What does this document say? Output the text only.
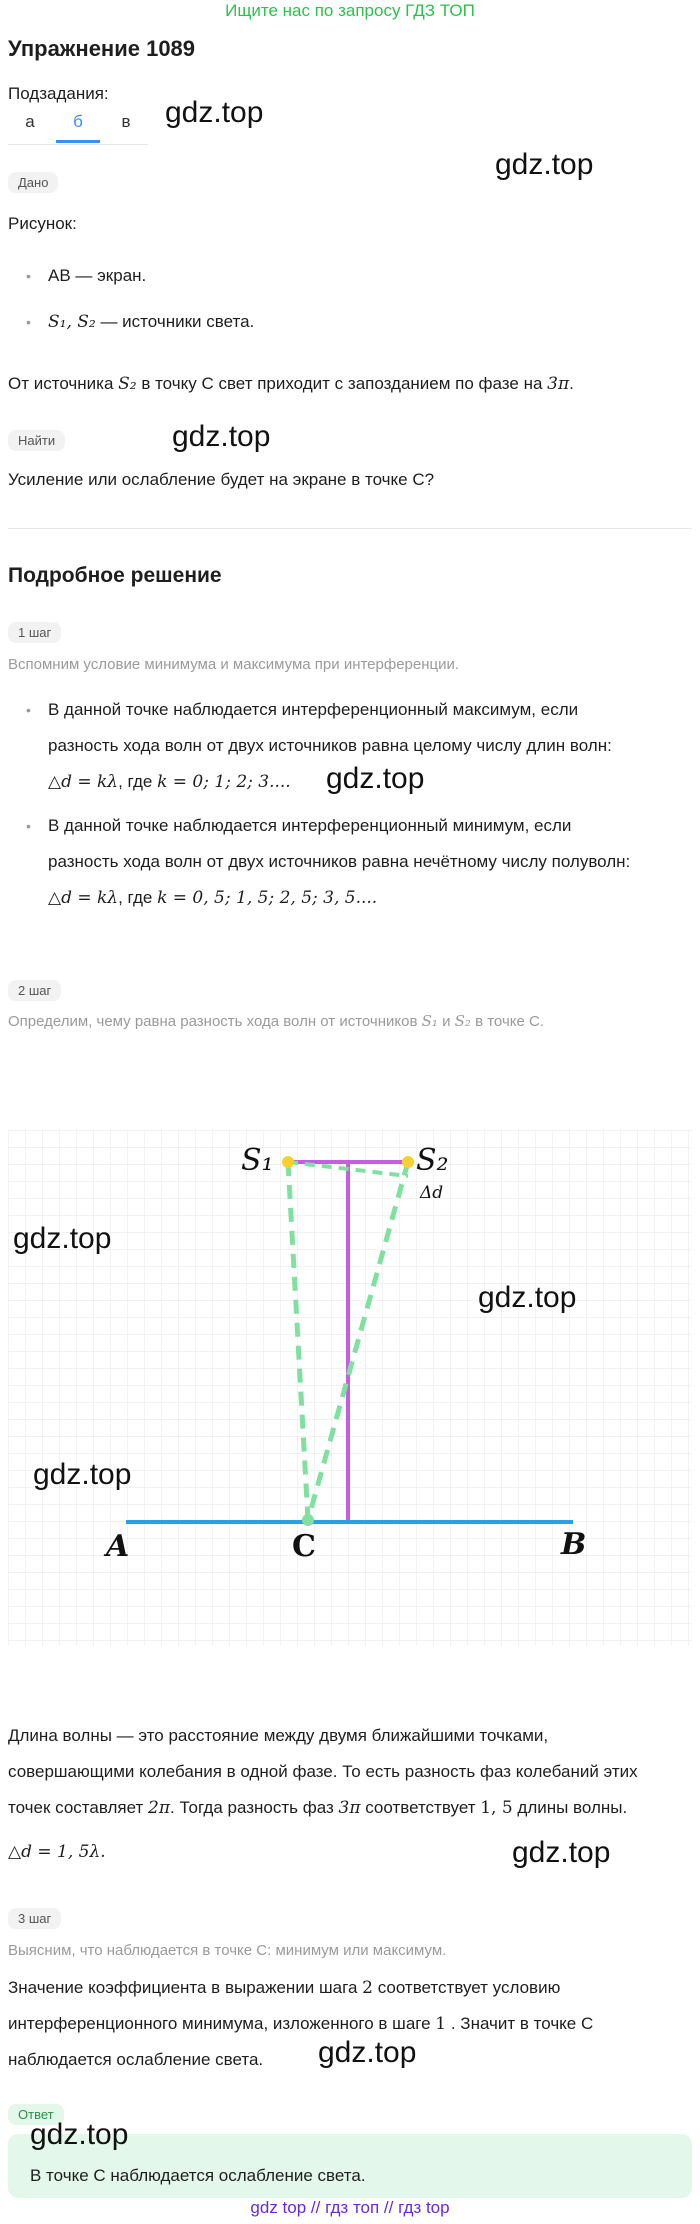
Ищите нас по запросу ГДЗ ТОП
Упражнение 1089
Подзадания:
а	б	в	gdz.top
gdz.top
Дано
Рисунок:
• AB — экран.
• S₁, S₂ — источники света.
От источника S₂ в точку C свет приходит с запозданием по фазе на 3π.
Найти	gdz.top
Усиление или ослабление будет на экране в точке C?
Подробное решение
1 шаг
Вспомним условие минимума и максимума при интерференции.
• В данной точке наблюдается интерференционный максимум, если
разность хода волн от двух источников равна целому числу длин волн:
△d = kλ, где k = 0; 1; 2; 3.... gdz.top
• В данной точке наблюдается интерференционный минимум, если
разность хода волн от двух источников равна нечётному числу полуволн:
△d = kλ, где k = 0, 5; 1, 5; 2, 5; 3, 5....
2 шаг
Определим, чему равна разность хода волн от источников S₁ и S₂ в точке C.
S₁	S₂
Δd
A	C	B
gdz.top
gdz.top
gdz.top
Длина волны — это расстояние между двумя ближайшими точками,
совершающими колебания в одной фазе. То есть разность фаз колебаний этих
точек составляет 2π. Тогда разность фаз 3π соответствует 1, 5 длины волны.
△d = 1, 5λ.	gdz.top
3 шаг
Выясним, что наблюдается в точке C: минимум или максимум.
Значение коэффициента в выражении шага 2 соответствует условию
интерференционного минимума, изложенного в шаге 1 . Значит в точке C
наблюдается ослабление света. gdz.top
Ответ
gdz.top
В точке C наблюдается ослабление света.
gdz top // гдз топ // гдз top
